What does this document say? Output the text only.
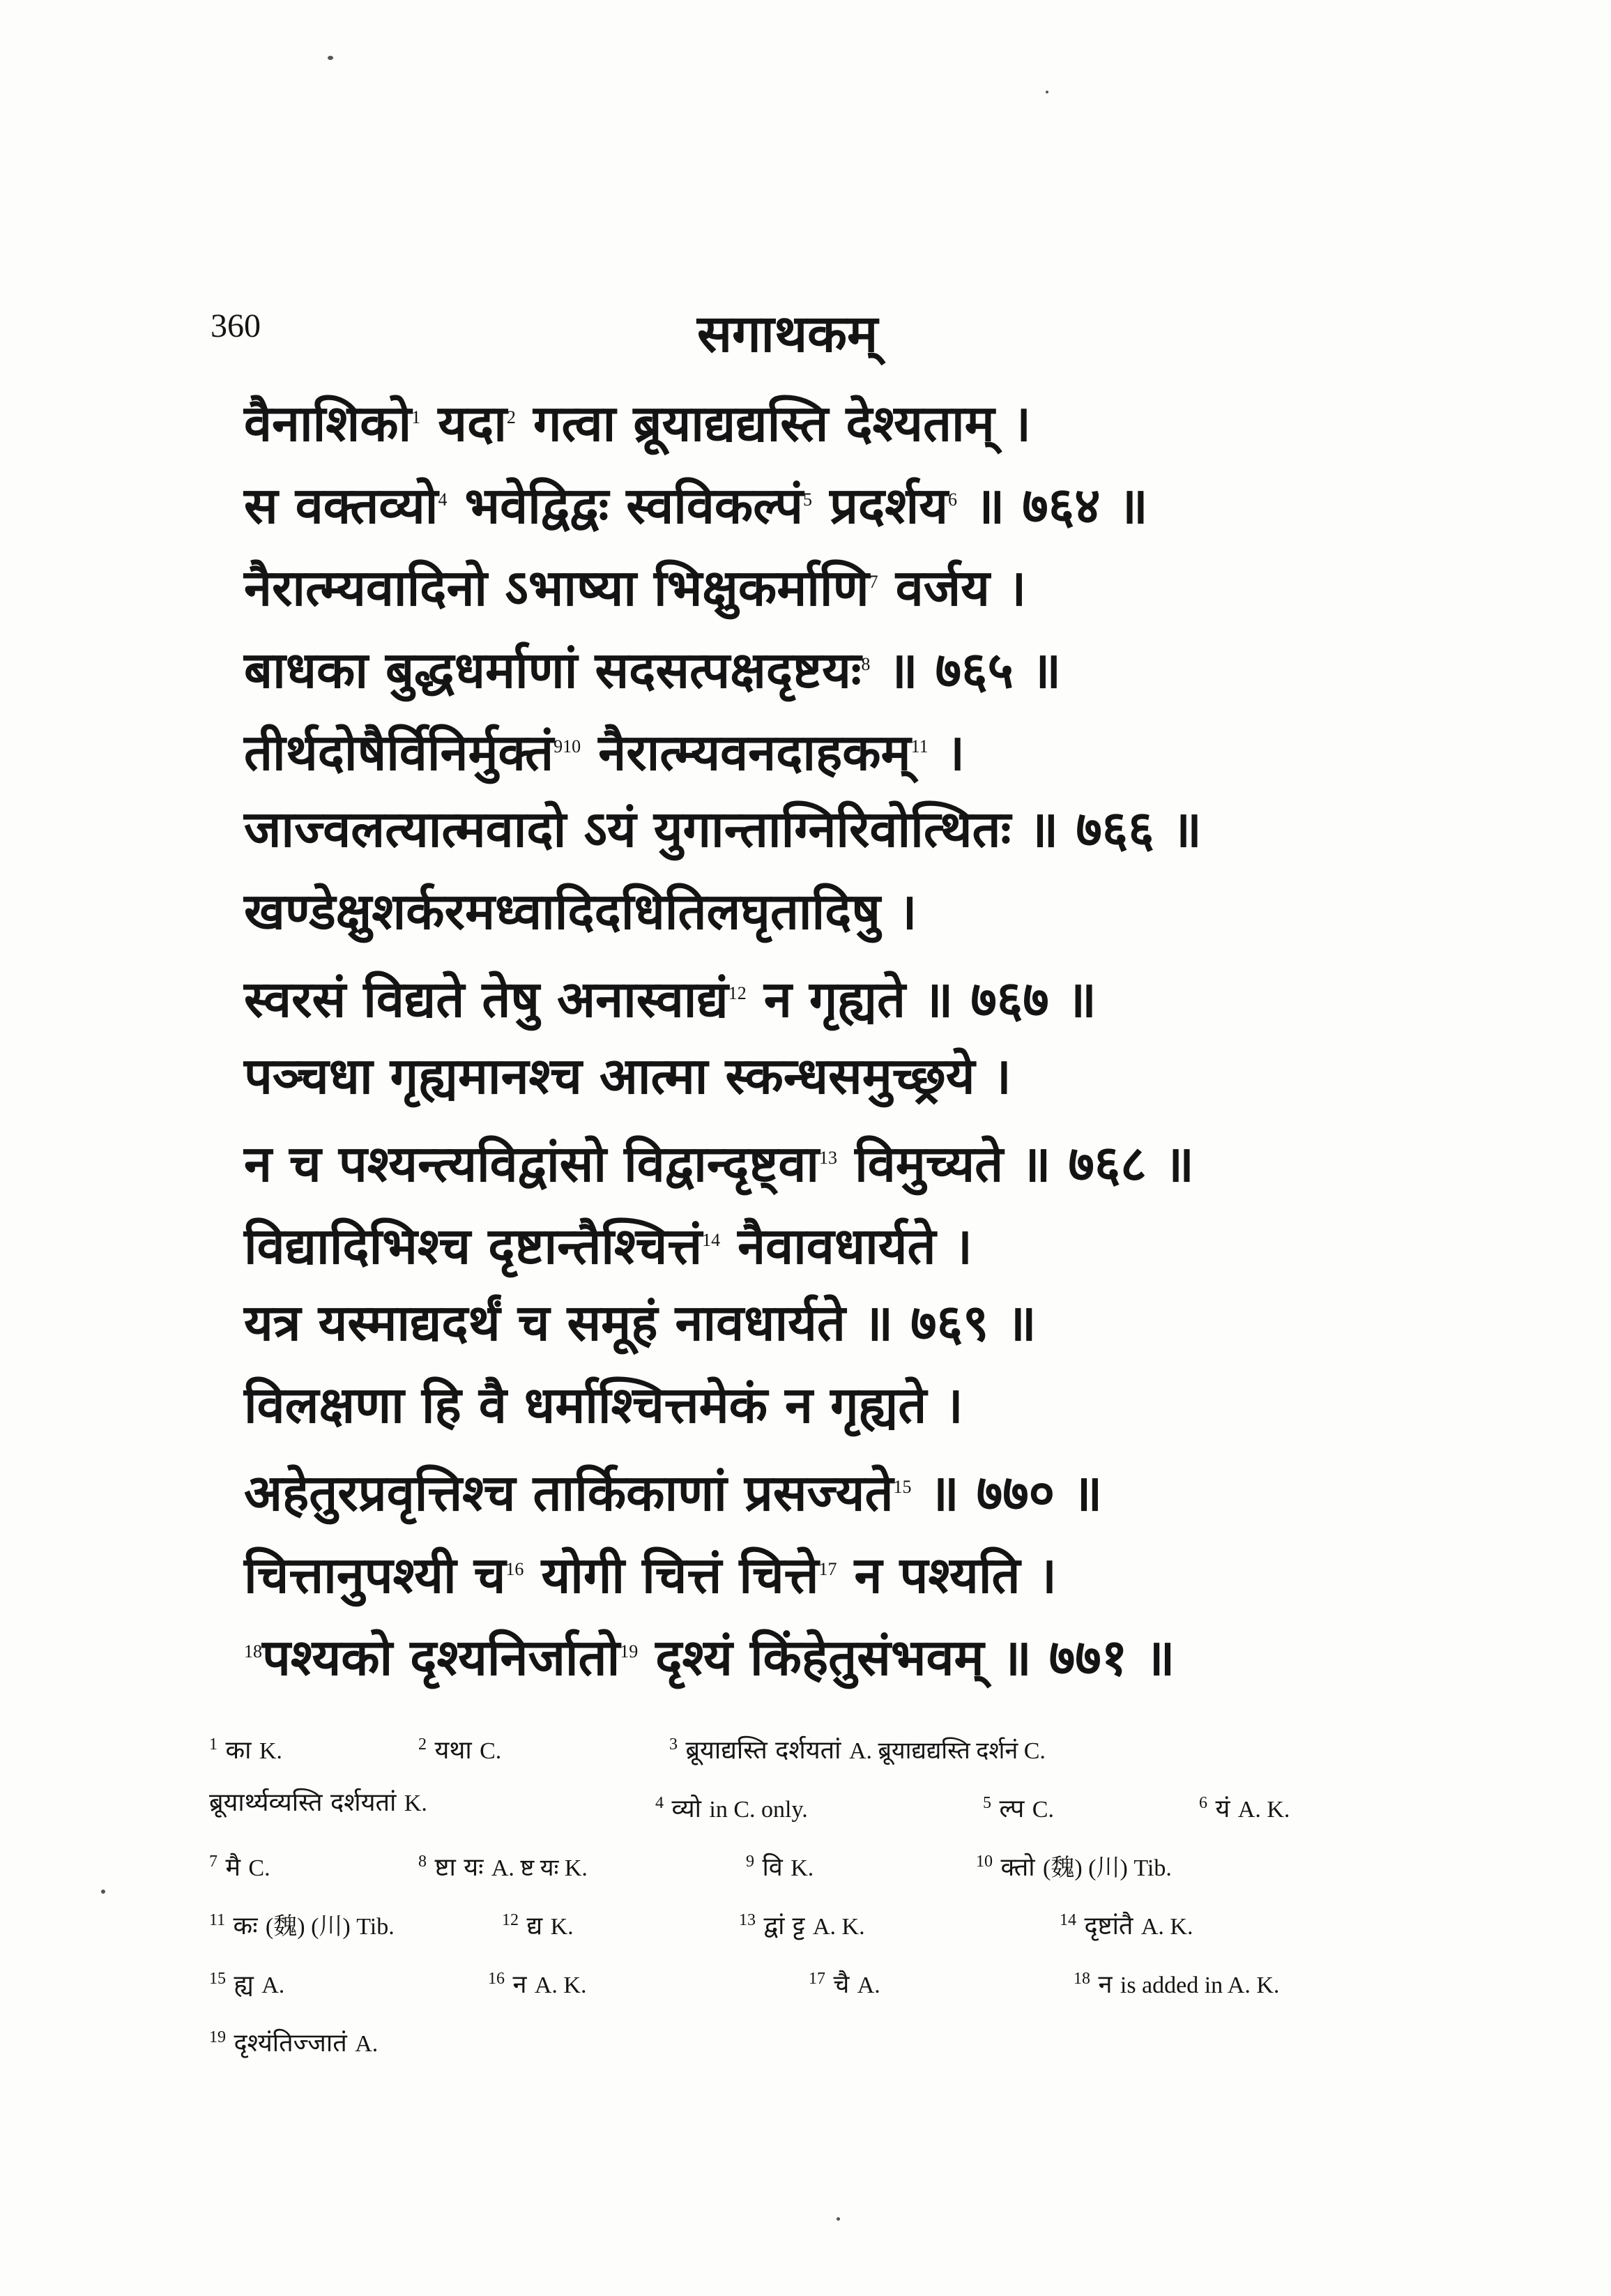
360	सगाथकम्
वैनाशिको$^1$ यदा$^2$ गत्वा ब्रूयाद्यद्यस्ति देश्यताम् ।
स वक्तव्यो$^4$ भवेद्विद्वः स्वविकल्पं$^5$ प्रदर्शय$^6$ ॥ ७६४ ॥
नैरात्म्यवादिनो ऽभाष्या भिक्षुकर्माणि$^7$ वर्जय ।
बाधका बुद्धधर्माणां सदसत्पक्षदृष्टयः$^8$ ॥ ७६५ ॥
तीर्थदोषैर्विनिर्मुक्तं$^{910}$ नैरात्म्यवनदाहकम्$^{11}$ ।
जाज्वलत्यात्मवादो ऽयं युगान्ताग्निरिवोत्थितः ॥ ७६६ ॥
खण्डेक्षुशर्करमध्वादिदधितिलघृतादिषु ।
स्वरसं विद्यते तेषु अनास्वाद्यं$^{12}$ न गृह्यते ॥ ७६७ ॥
पञ्चधा गृह्यमानश्च आत्मा स्कन्धसमुच्छ्रये ।
न च पश्यन्त्यविद्वांसो विद्वान्दृष्ट्वा$^{13}$ विमुच्यते ॥ ७६८ ॥
विद्यादिभिश्च दृष्टान्तैश्चित्तं$^{14}$ नैवावधार्यते ।
यत्र यस्माद्यदर्थं च समूहं नावधार्यते ॥ ७६९ ॥
विलक्षणा हि वै धर्माश्चित्तमेकं न गृह्यते ।
अहेतुरप्रवृत्तिश्च तार्किकाणां प्रसज्यते$^{15}$ ॥ ७७० ॥
चित्तानुपश्यी च$^{16}$ योगी चित्तं चित्ते$^{17}$ न पश्यति ।
$^{18}$पश्यको दृश्यनिर्जातो$^{19}$ दृश्यं किंहेतुसंभवम् ॥ ७७१ ॥
$^1$ का K.	$^2$ यथा C.	$^3$ ब्रूयाद्यस्ति दर्शयतां A. ब्रूयाद्यद्यस्ति दर्शनं C.
ब्रूयार्थ्यव्यस्ति दर्शयतां K.	$^4$ व्यो in C. only.	$^5$ ल्प C.	$^6$ यं A. K.
$^7$ मै C.	$^8$ ष्टा यः A. ष्ट यः K.	$^9$ वि K.	$^{10}$ क्तो (魏) (川) Tib.
$^{11}$ कः (魏) (川) Tib.	$^{12}$ द्य K.	$^{13}$ द्वां ट्ट A. K.	$^{14}$ दृष्टांतै A. K.
$^{15}$ ह्य A.	$^{16}$ न A. K.	$^{17}$ चै A.	$^{18}$ न is added in A. K.
$^{19}$ दृश्यंतिज्जातं A.
